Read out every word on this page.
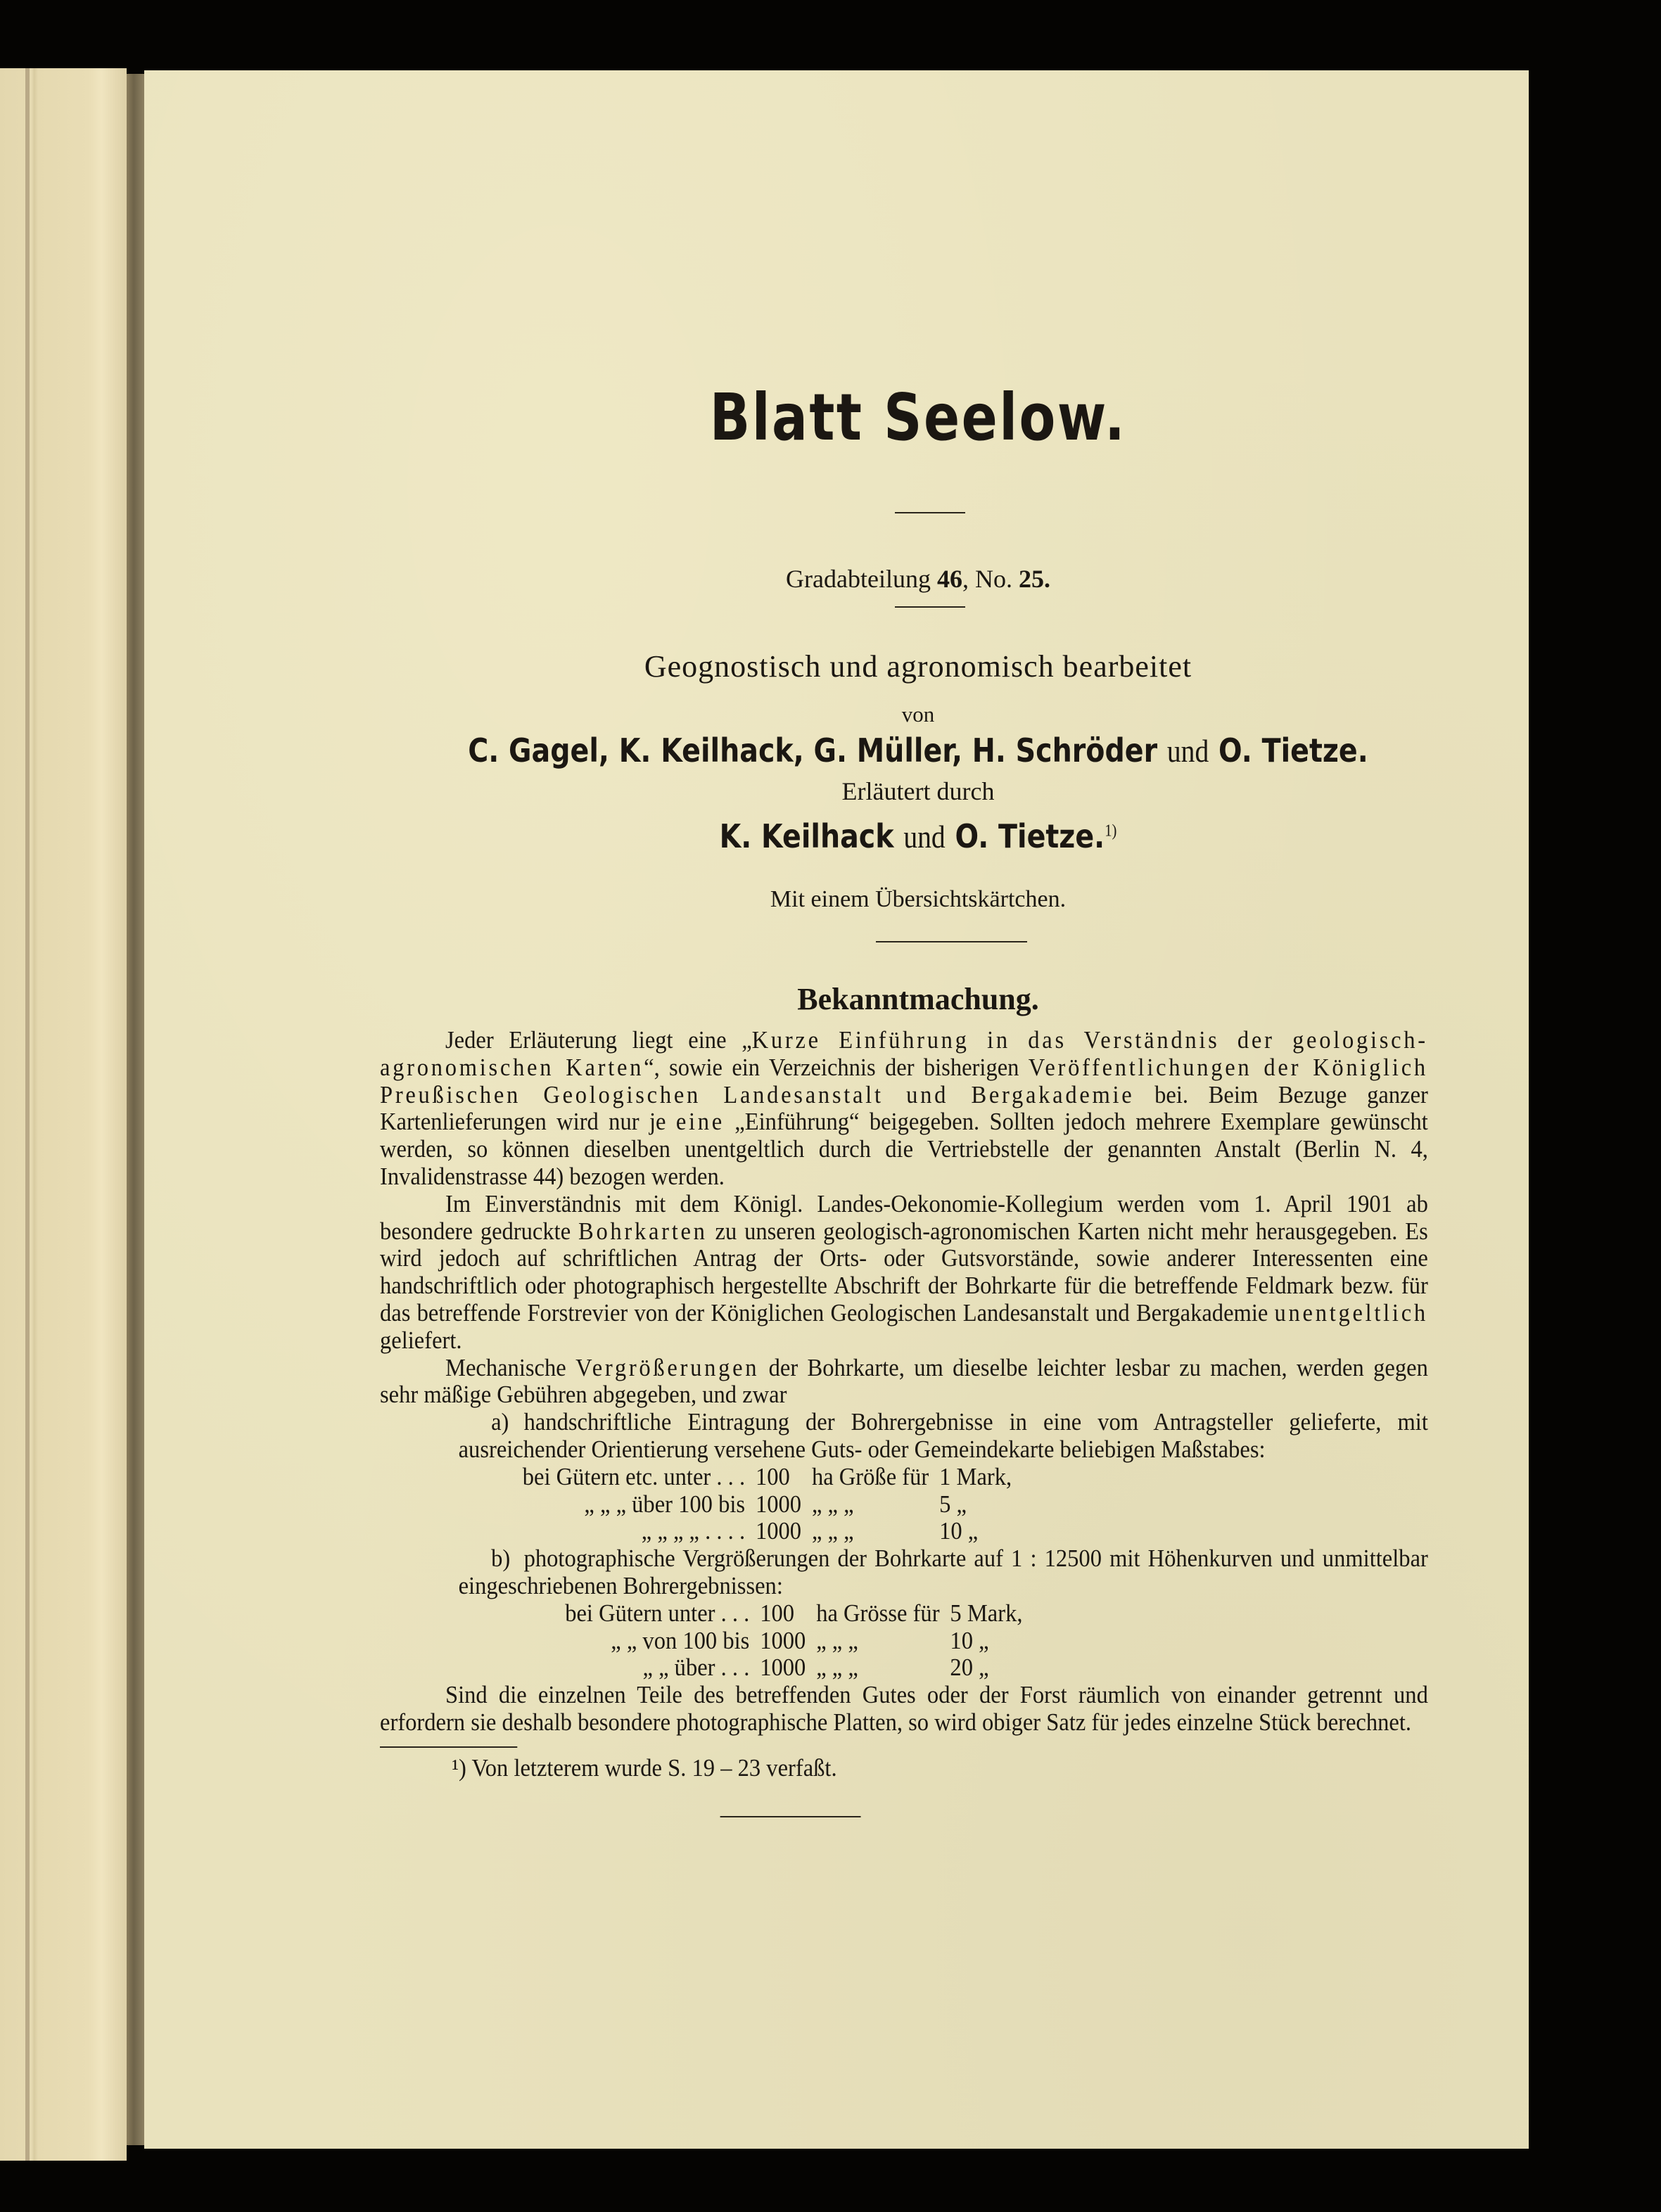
Blatt Seelow.
Gradabteilung 46, No. 25.
Geognostisch und agronomisch bearbeitet
von
C. Gagel, K. Keilhack, G. Müller, H. Schröder und O. Tietze.
Erläutert durch
K. Keilhack und O. Tietze.$^{1)}$
Mit einem Übersichtskärtchen.
Bekanntmachung.

Jeder Erläuterung liegt eine „Kurze Einführung in das Verständnis der geologisch-agronomischen Karten“, sowie ein Verzeichnis der bisherigen Veröffentlichungen der Königlich Preußischen Geologischen Landesanstalt und Bergakademie bei. Beim Bezuge ganzer Kartenlieferungen wird nur je eine „Einführung“ beigegeben. Sollten jedoch mehrere Exemplare gewünscht werden, so können dieselben unentgeltlich durch die Vertriebstelle der genannten Anstalt (Berlin N. 4, Invalidenstrasse 44) bezogen werden.

Im Einverständnis mit dem Königl. Landes-Oekonomie-Kollegium werden vom 1. April 1901 ab besondere gedruckte Bohrkarten zu unseren geologisch-agronomischen Karten nicht mehr herausgegeben. Es wird jedoch auf schriftlichen Antrag der Orts- oder Gutsvorstände, sowie anderer Interessenten eine handschriftlich oder photographisch hergestellte Abschrift der Bohrkarte für die betreffende Feldmark bezw. für das betreffende Forstrevier von der Königlichen Geologischen Landesanstalt und Bergakademie unentgeltlich geliefert.

Mechanische Vergrößerungen der Bohrkarte, um dieselbe leichter lesbar zu machen, werden gegen sehr mäßige Gebühren abgegeben, und zwar

a) handschriftliche Eintragung der Bohrergebnisse in eine vom Antragsteller gelieferte, mit ausreichender Orientierung versehene Guts- oder Gemeindekarte beliebigen Maßstabes:

bei Gütern etc. unter . . .	100	ha Größe für	1 Mark,
„ „ „ über 100 bis	1000	„ „ „	5 „
„ „ „ „ . . . .	1000	„ „ „	10 „

b) photographische Vergrößerungen der Bohrkarte auf 1 : 12500 mit Höhenkurven und unmittelbar eingeschriebenen Bohrergebnissen:

bei Gütern unter . . .	100	ha Grösse für	5 Mark,
„ „ von 100 bis	1000	„ „ „	10 „
„ „ über . . .	1000	„ „ „	20 „

Sind die einzelnen Teile des betreffenden Gutes oder der Forst räumlich von einander getrennt und erfordern sie deshalb besondere photographische Platten, so wird obiger Satz für jedes einzelne Stück berechnet.

¹) Von letzterem wurde S. 19 – 23 verfaßt.
